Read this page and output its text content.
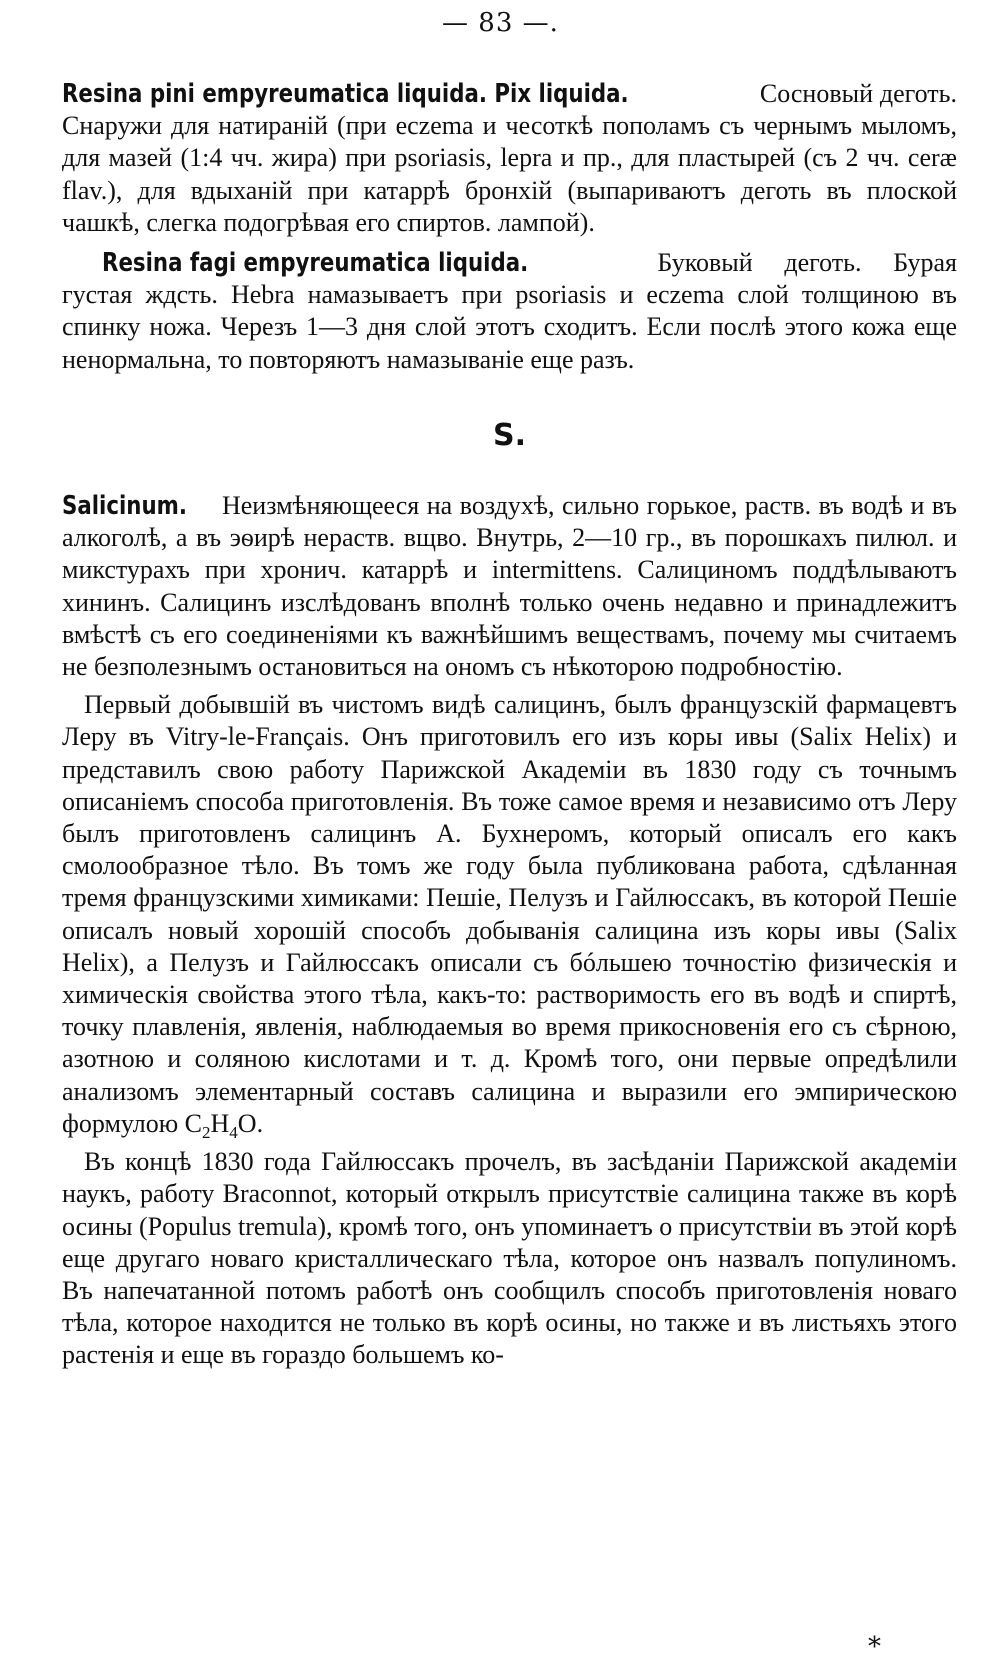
— 83 —.

Resina pini empyreumatica liquida. Pix liquida.	Сосновый деготь. Снаружи для натираній (при eczema и чесоткѣ пополамъ съ чернымъ мыломъ, для мазей (1:4 чч. жира) при psoriasis, lepra и пр., для пластырей (съ 2 чч. ceræ flav.), для вдыханій при катаррѣ бронхій (выпариваютъ деготь въ плоской чашкѣ, слегка подогрѣвая его спиртов. лампой).

Resina fagi empyreumatica liquida.	Буковый деготь. Бурая густая ждсть. Hebra намазываетъ при psoriasis и eczema слой толщиною въ спинку ножа. Черезъ 1—3 дня слой этотъ сходитъ. Если послѣ этого кожа еще ненормальна, то повторяютъ намазываніе еще разъ.

S.

Salicinum. Неизмѣняющееся на воздухѣ, сильно горькое, раств. въ водѣ и въ алкоголѣ, а въ эѳирѣ нераств. вщво. Внутрь, 2—10 гр., въ порошкахъ пилюл. и микстурахъ при хронич. катаррѣ и intermittens. Салициномъ поддѣлываютъ хининъ. Салицинъ изслѣдованъ вполнѣ только очень недавно и принадлежитъ вмѣстѣ съ его соединеніями къ важнѣйшимъ веществамъ, почему мы считаемъ не безполезнымъ остановиться на ономъ съ нѣкоторою подробностію.

Первый добывшій въ чистомъ видѣ салицинъ, былъ французскій фармацевтъ Леру въ Vitry-le-Français. Онъ приготовилъ его изъ коры ивы (Salix Helix) и представилъ свою работу Парижской Академіи въ 1830 году съ точнымъ описаніемъ способа приготовленія. Въ тоже самое время и независимо отъ Леру былъ приготовленъ салицинъ А. Бухнеромъ, который описалъ его какъ смолообразное тѣло. Въ томъ же году была публикована работа, сдѣланная тремя французскими химиками: Пешіе, Пелузъ и Гайлюссакъ, въ которой Пешіе описалъ новый хорошій способъ добыванія салицина изъ коры ивы (Salix Helix), а Пелузъ и Гайлюссакъ описали съ бóльшею точностію физическія и химическія свойства этого тѣла, какъ-то: растворимость его въ водѣ и спиртѣ, точку плавленія, явленія, наблюдаемыя во время прикосновенія его съ сѣрною, азотною и соляною кислотами и т. д. Кромѣ того, они первые опредѣлили анализомъ элементарный составъ салицина и выразили его эмпирическою формулою $C_2H_4O$.

Въ концѣ 1830 года Гайлюссакъ прочелъ, въ засѣданіи Парижской академіи наукъ, работу Braconnot, который открылъ присутствіе салицина также въ корѣ осины (Populus tremula), кромѣ того, онъ упоминаетъ о присутствіи въ этой корѣ еще другаго новаго кристаллическаго тѣла, которое онъ назвалъ популиномъ. Въ напечатанной потомъ работѣ онъ сообщилъ способъ приготовленія новаго тѣла, которое находится не только въ корѣ осины, но также и въ листьяхъ этого растенія и еще въ гораздо большемъ ко-

*
